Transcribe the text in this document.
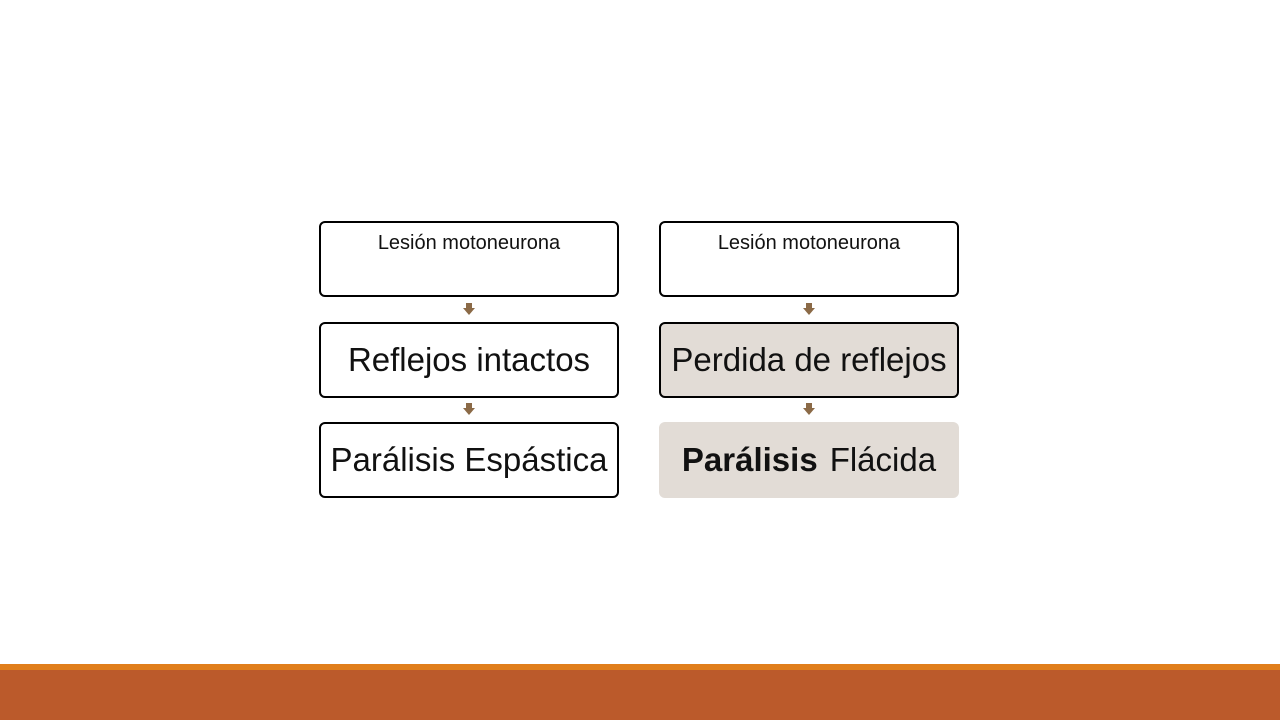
Lesión motoneurona
Reflejos intactos
Parálisis Espástica
Lesión motoneurona
Perdida de reflejos
Parálisis Flácida
